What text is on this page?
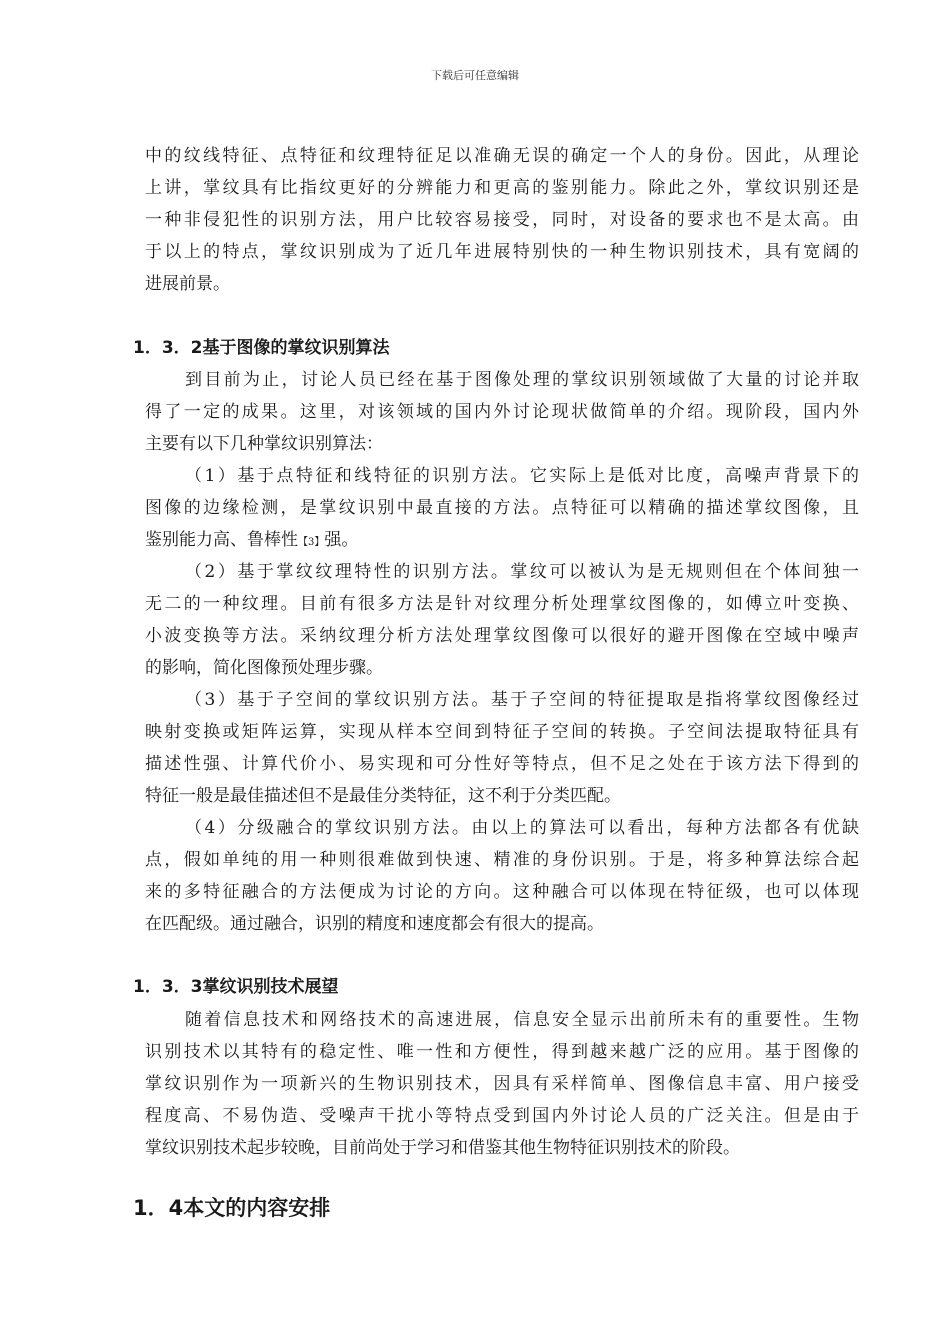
下载后可任意编辑
中的纹线特征、点特征和纹理特征足以准确无误的确定一个人的身份。因此，从理论
上讲，掌纹具有比指纹更好的分辨能力和更高的鉴别能力。除此之外，掌纹识别还是
一种非侵犯性的识别方法，用户比较容易接受，同时，对设备的要求也不是太高。由
于以上的特点，掌纹识别成为了近几年进展特别快的一种生物识别技术，具有宽阔的
进展前景。
1．3．2基于图像的掌纹识别算法
到目前为止，讨论人员已经在基于图像处理的掌纹识别领域做了大量的讨论并取
得了一定的成果。这里，对该领域的国内外讨论现状做简单的介绍。现阶段，国内外
主要有以下几种掌纹识别算法：
（1）基于点特征和线特征的识别方法。它实际上是低对比度，高噪声背景下的
图像的边缘检测，是掌纹识别中最直接的方法。点特征可以精确的描述掌纹图像，且
鉴别能力高、鲁棒性【3】强。
（2）基于掌纹纹理特性的识别方法。掌纹可以被认为是无规则但在个体间独一
无二的一种纹理。目前有很多方法是针对纹理分析处理掌纹图像的，如傅立叶变换、
小波变换等方法。采纳纹理分析方法处理掌纹图像可以很好的避开图像在空域中噪声
的影响，简化图像预处理步骤。
（3）基于子空间的掌纹识别方法。基于子空间的特征提取是指将掌纹图像经过
映射变换或矩阵运算，实现从样本空间到特征子空间的转换。子空间法提取特征具有
描述性强、计算代价小、易实现和可分性好等特点，但不足之处在于该方法下得到的
特征一般是最佳描述但不是最佳分类特征，这不利于分类匹配。
（4）分级融合的掌纹识别方法。由以上的算法可以看出，每种方法都各有优缺
点，假如单纯的用一种则很难做到快速、精准的身份识别。于是，将多种算法综合起
来的多特征融合的方法便成为讨论的方向。这种融合可以体现在特征级，也可以体现
在匹配级。通过融合，识别的精度和速度都会有很大的提高。
1．3．3掌纹识别技术展望
随着信息技术和网络技术的高速进展，信息安全显示出前所未有的重要性。生物
识别技术以其特有的稳定性、唯一性和方便性，得到越来越广泛的应用。基于图像的
掌纹识别作为一项新兴的生物识别技术，因具有采样简单、图像信息丰富、用户接受
程度高、不易伪造、受噪声干扰小等特点受到国内外讨论人员的广泛关注。但是由于
掌纹识别技术起步较晚，目前尚处于学习和借鉴其他生物特征识别技术的阶段。
1．4本文的内容安排
